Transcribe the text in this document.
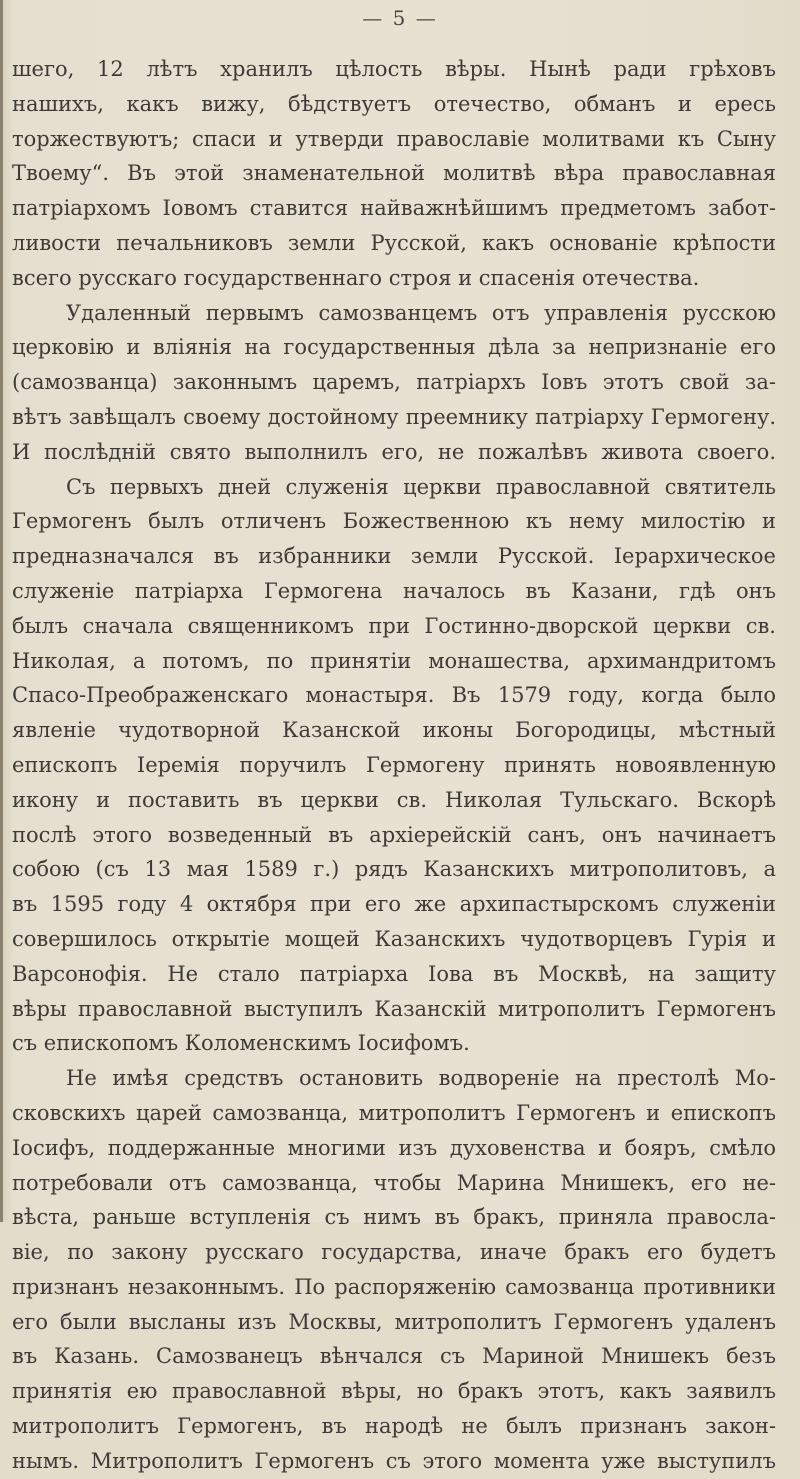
— 5 —
шего, 12 лѣтъ хранилъ цѣлость вѣры. Нынѣ ради грѣховъ
нашихъ, какъ вижу, бѣдствуетъ отечество, обманъ и ересь
торжествуютъ; спаси и утверди православіе молитвами къ Сыну
Твоему“. Въ этой знаменательной молитвѣ вѣра православная
патріархомъ Іовомъ ставится найважнѣйшимъ предметомъ забот-
ливости печальниковъ земли Русской, какъ основаніе крѣпости
всего русскаго государственнаго строя и спасенія отечества.
Удаленный первымъ самозванцемъ отъ управленія русскою
церковію и вліянія на государственныя дѣла за непризнаніе его
(самозванца) законнымъ царемъ, патріархъ Іовъ этотъ свой за-
вѣтъ завѣщалъ своему достойному преемнику патріарху Гермогену.
И послѣдній свято выполнилъ его, не пожалѣвъ живота своего.
Съ первыхъ дней служенія церкви православной святитель
Гермогенъ былъ отличенъ Божественною къ нему милостію и
предназначался въ избранники земли Русской. Іерархическое
служеніе патріарха Гермогена началось въ Казани, гдѣ онъ
былъ сначала священникомъ при Гостинно-дворской церкви св.
Николая, а потомъ, по принятіи монашества, архимандритомъ
Спасо-Преображенскаго монастыря. Въ 1579 году, когда было
явленіе чудотворной Казанской иконы Богородицы, мѣстный
епископъ Іеремія поручилъ Гермогену принять новоявленную
икону и поставить въ церкви св. Николая Тульскаго. Вскорѣ
послѣ этого возведенный въ архіерейскій санъ, онъ начинаетъ
собою (съ 13 мая 1589 г.) рядъ Казанскихъ митрополитовъ, а
въ 1595 году 4 октября при его же архипастырскомъ служеніи
совершилось открытіе мощей Казанскихъ чудотворцевъ Гурія и
Варсонофія. Не стало патріарха Іова въ Москвѣ, на защиту
вѣры православной выступилъ Казанскій митрополитъ Гермогенъ
съ епископомъ Коломенскимъ Іосифомъ.
Не имѣя средствъ остановить водвореніе на престолѣ Мо-
сковскихъ царей самозванца, митрополитъ Гермогенъ и епископъ
Іосифъ, поддержанные многими изъ духовенства и бояръ, смѣло
потребовали отъ самозванца, чтобы Марина Мнишекъ, его не-
вѣста, раньше вступленія съ нимъ въ бракъ, приняла правосла-
віе, по закону русскаго государства, иначе бракъ его будетъ
признанъ незаконнымъ. По распоряженію самозванца противники
его были высланы изъ Москвы, митрополитъ Гермогенъ удаленъ
въ Казань. Самозванецъ вѣнчался съ Мариной Мнишекъ безъ
принятія ею православной вѣры, но бракъ этотъ, какъ заявилъ
митрополитъ Гермогенъ, въ народѣ не былъ признанъ закон-
нымъ. Митрополитъ Гермогенъ съ этого момента уже выступилъ
